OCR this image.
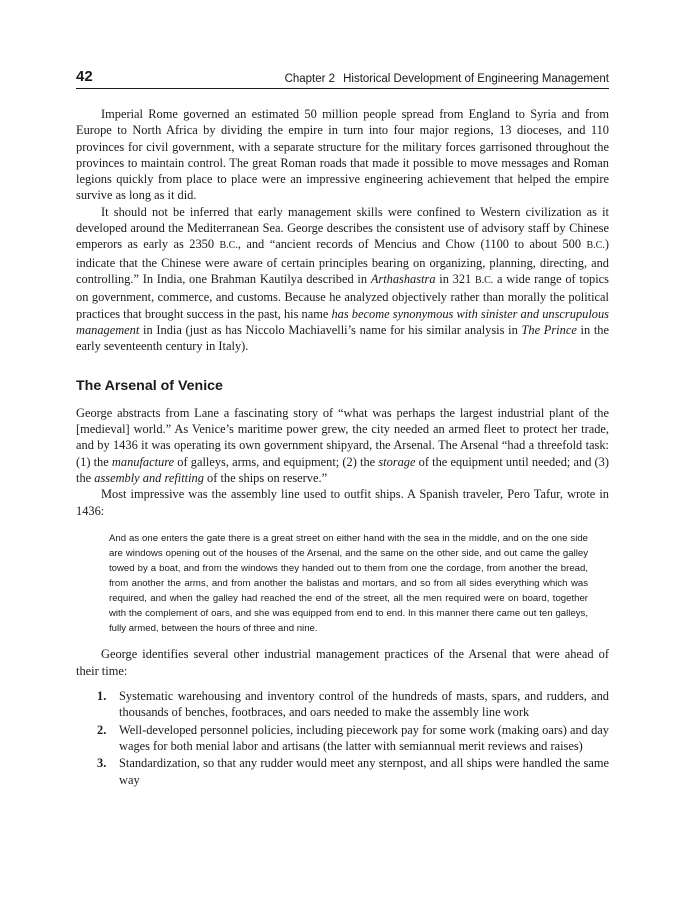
42	Chapter 2 Historical Development of Engineering Management

Imperial Rome governed an estimated 50 million people spread from England to Syria and from Europe to North Africa by dividing the empire in turn into four major regions, 13 dioceses, and 110 provinces for civil government, with a separate structure for the military forces garrisoned throughout the provinces to maintain control. The great Roman roads that made it possible to move messages and Roman legions quickly from place to place were an impressive engineering achievement that helped the empire survive as long as it did.

It should not be inferred that early management skills were confined to Western civilization as it developed around the Mediterranean Sea. George describes the consistent use of advisory staff by Chinese emperors as early as 2350 B.C., and “ancient records of Mencius and Chow (1100 to about 500 B.C.) indicate that the Chinese were aware of certain principles bearing on organizing, planning, directing, and controlling.” In India, one Brahman Kautilya described in Arthashastra in 321 B.C. a wide range of topics on government, commerce, and customs. Because he analyzed objectively rather than morally the political practices that brought success in the past, his name has become synonymous with sinister and unscrupulous management in India (just as has Niccolo Machiavelli’s name for his similar analysis in The Prince in the early seventeenth century in Italy).

The Arsenal of Venice

George abstracts from Lane a fascinating story of “what was perhaps the largest industrial plant of the [medieval] world.” As Venice’s maritime power grew, the city needed an armed fleet to protect her trade, and by 1436 it was operating its own government shipyard, the Arsenal. The Arsenal “had a threefold task: (1) the manufacture of galleys, arms, and equipment; (2) the storage of the equipment until needed; and (3) the assembly and refitting of the ships on reserve.”

Most impressive was the assembly line used to outfit ships. A Spanish traveler, Pero Tafur, wrote in 1436:

And as one enters the gate there is a great street on either hand with the sea in the middle, and on the one side are windows opening out of the houses of the Arsenal, and the same on the other side, and out came the galley towed by a boat, and from the windows they handed out to them from one the cordage, from another the bread, from another the arms, and from another the balistas and mortars, and so from all sides everything which was required, and when the galley had reached the end of the street, all the men required were on board, together with the complement of oars, and she was equipped from end to end. In this manner there came out ten galleys, fully armed, between the hours of three and nine.

George identifies several other industrial management practices of the Arsenal that were ahead of their time:

1. Systematic warehousing and inventory control of the hundreds of masts, spars, and rudders, and thousands of benches, footbraces, and oars needed to make the assembly line work
2. Well-developed personnel policies, including piecework pay for some work (making oars) and day wages for both menial labor and artisans (the latter with semiannual merit reviews and raises)
3. Standardization, so that any rudder would meet any sternpost, and all ships were handled the same way
